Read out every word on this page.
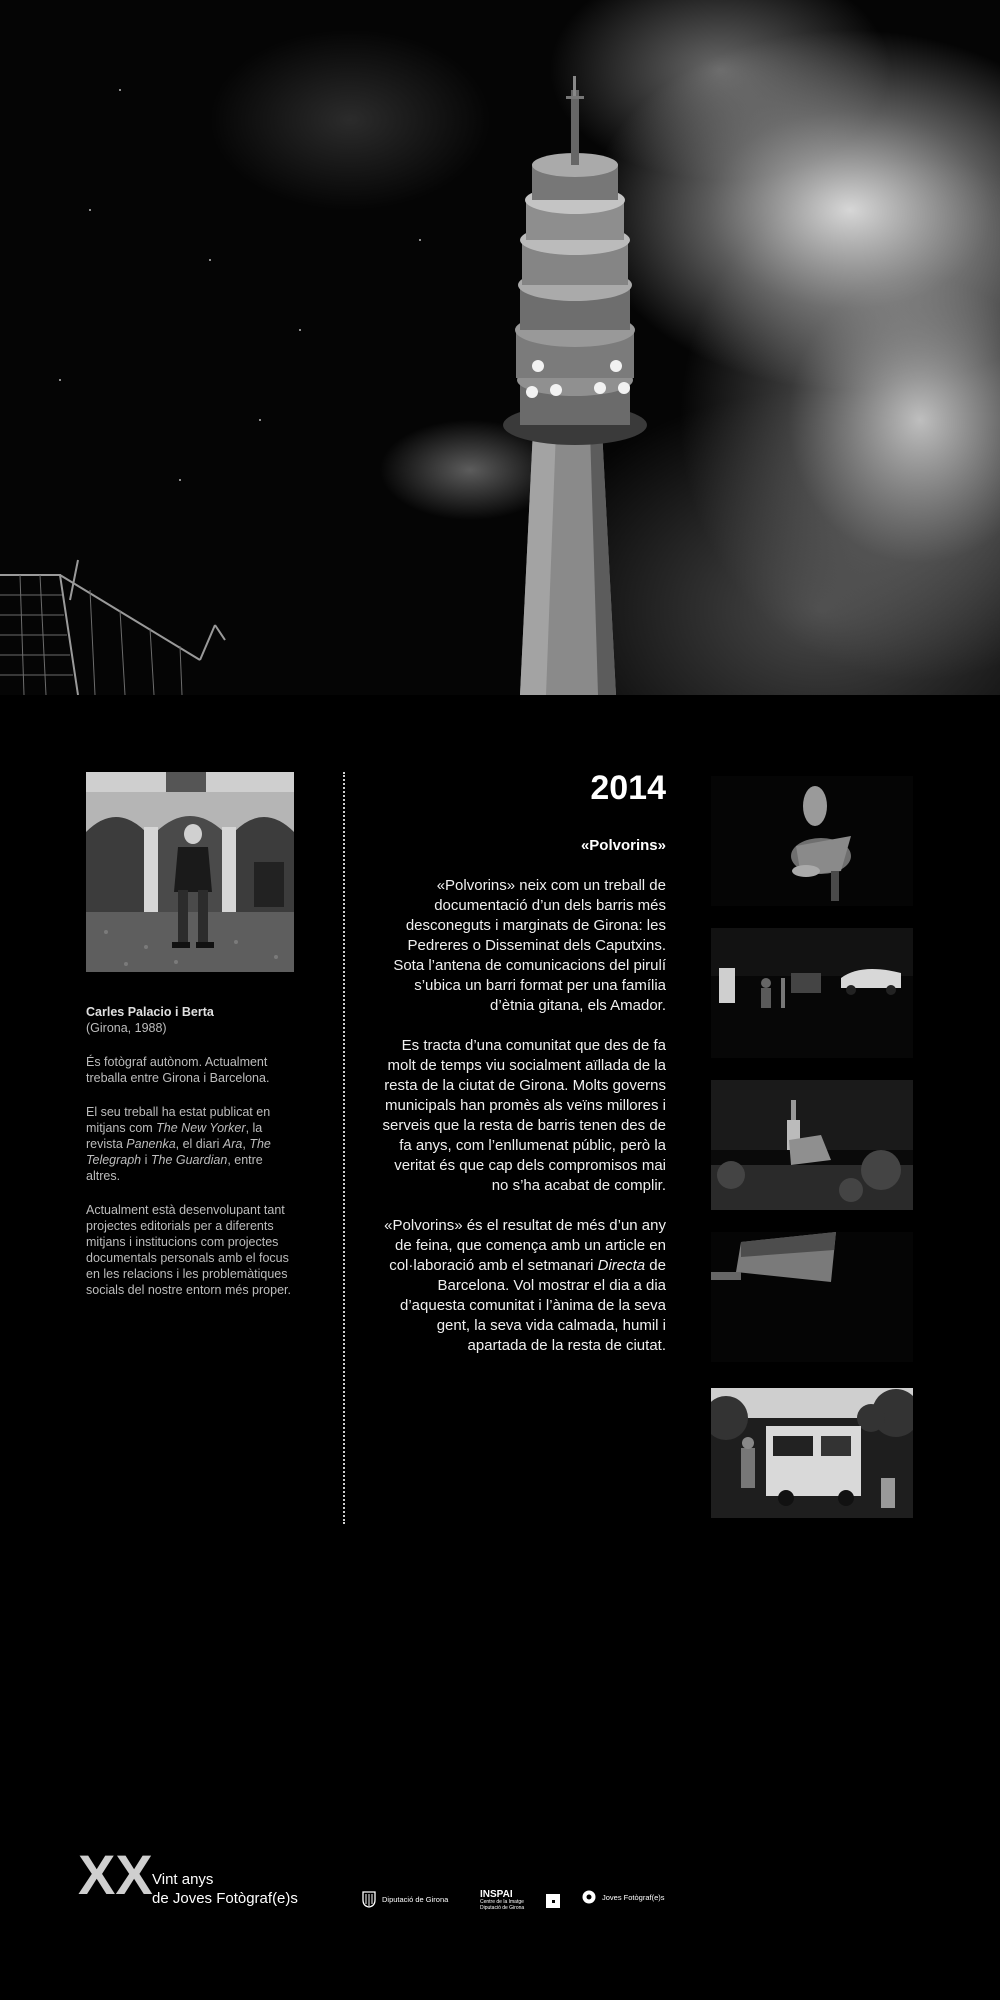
Carles Palacio i Berta
(Girona, 1988)

És fotògraf autònom. Actualment treballa entre Girona i Barcelona.

El seu treball ha estat publicat en mitjans com The New Yorker, la revista Panenka, el diari Ara, The Telegraph i The Guardian, entre altres.

Actualment està desenvolupant tant projectes editorials per a diferents mitjans i institucions com projectes documentals personals amb el focus en les relacions i les problemàtiques socials del nostre entorn més proper.

2014
«Polvorins»

«Polvorins» neix com un treball de documentació d’un dels barris més desconeguts i marginats de Girona: les Pedreres o Disseminat dels Caputxins. Sota l’antena de comunicacions del pirulí s’ubica un barri format per una família d’ètnia gitana, els Amador.

Es tracta d’una comunitat que des de fa molt de temps viu socialment aïllada de la resta de la ciutat de Girona. Molts governs municipals han promès als veïns millores i serveis que la resta de barris tenen des de fa anys, com l’enllumenat públic, però la veritat és que cap dels compromisos mai no s’ha acabat de complir.

«Polvorins» és el resultat de més d’un any de feina, que comença amb un article en col·laboració amb el setmanari Directa de Barcelona. Vol mostrar el dia a dia d’aquesta comunitat i l’ànima de la seva gent, la seva vida calmada, humil i apartada de la resta de ciutat.

XX Vint anys
de Joves Fotògraf(e)s	Diputació de Girona	INSPAI
Centre de la Imatge Diputació de Girona
Joves Fotògraf(e)s
